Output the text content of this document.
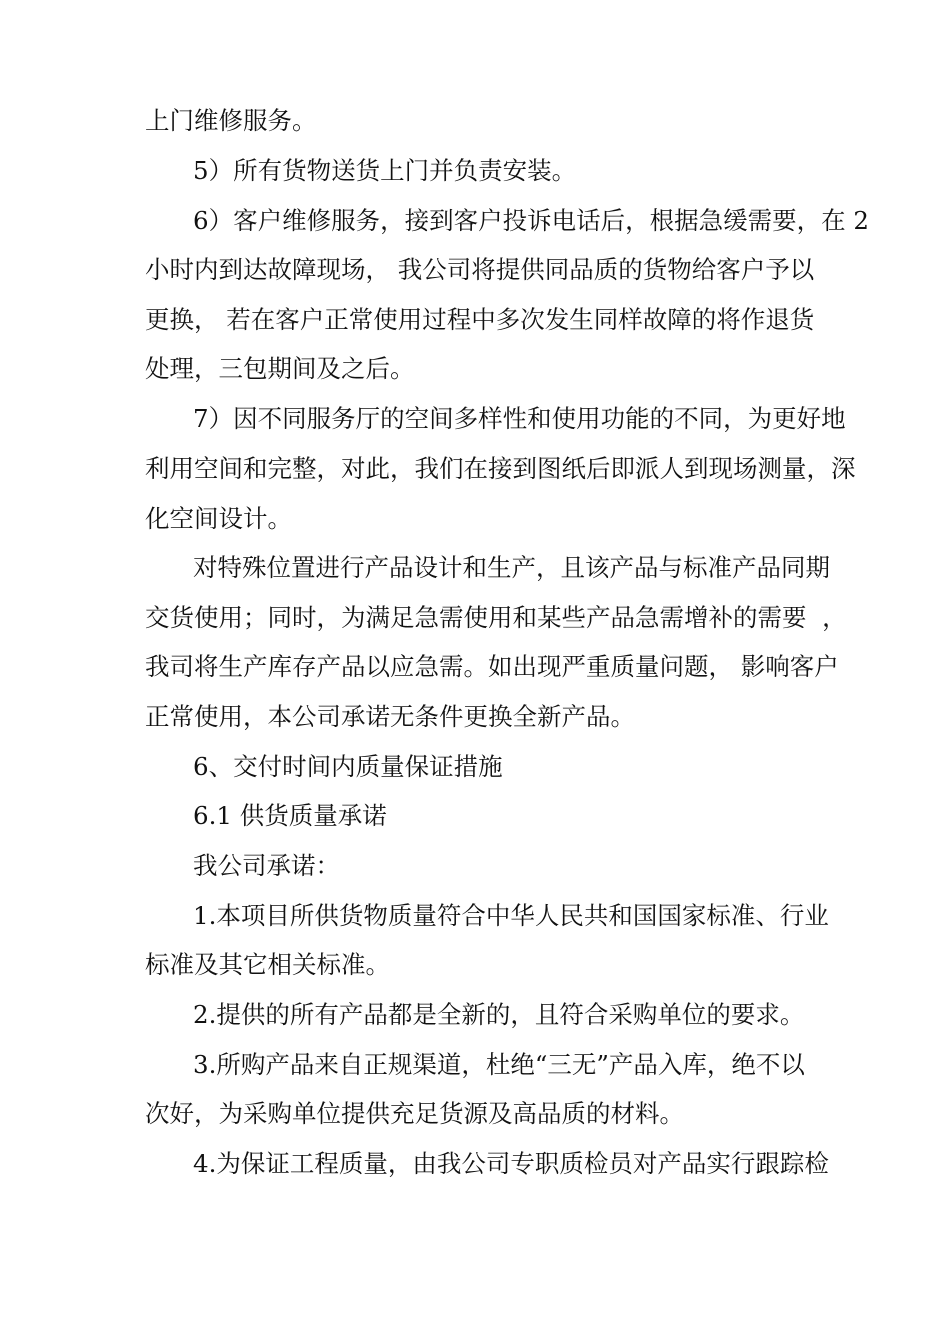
上门维修服务。
5）所有货物送货上门并负责安装。
6）客户维修服务，接到客户投诉电话后，根据急缓需要，在 2
小时内到达故障现场， 我公司将提供同品质的货物给客户予以
更换， 若在客户正常使用过程中多次发生同样故障的将作退货
处理，三包期间及之后。
7）因不同服务厅的空间多样性和使用功能的不同，为更好地
利用空间和完整，对此，我们在接到图纸后即派人到现场测量，深
化空间设计。
对特殊位置进行产品设计和生产，且该产品与标准产品同期
交货使用；同时，为满足急需使用和某些产品急需增补的需要  ，
我司将生产库存产品以应急需。如出现严重质量问题， 影响客户
正常使用，本公司承诺无条件更换全新产品。
6、交付时间内质量保证措施
6.1 供货质量承诺
我公司承诺：
1.本项目所供货物质量符合中华人民共和国国家标准、行业
标准及其它相关标准。
2.提供的所有产品都是全新的，且符合采购单位的要求。
3.所购产品来自正规渠道，杜绝“三无”产品入库，绝不以
次好，为采购单位提供充足货源及高品质的材料。
4.为保证工程质量，由我公司专职质检员对产品实行跟踪检
